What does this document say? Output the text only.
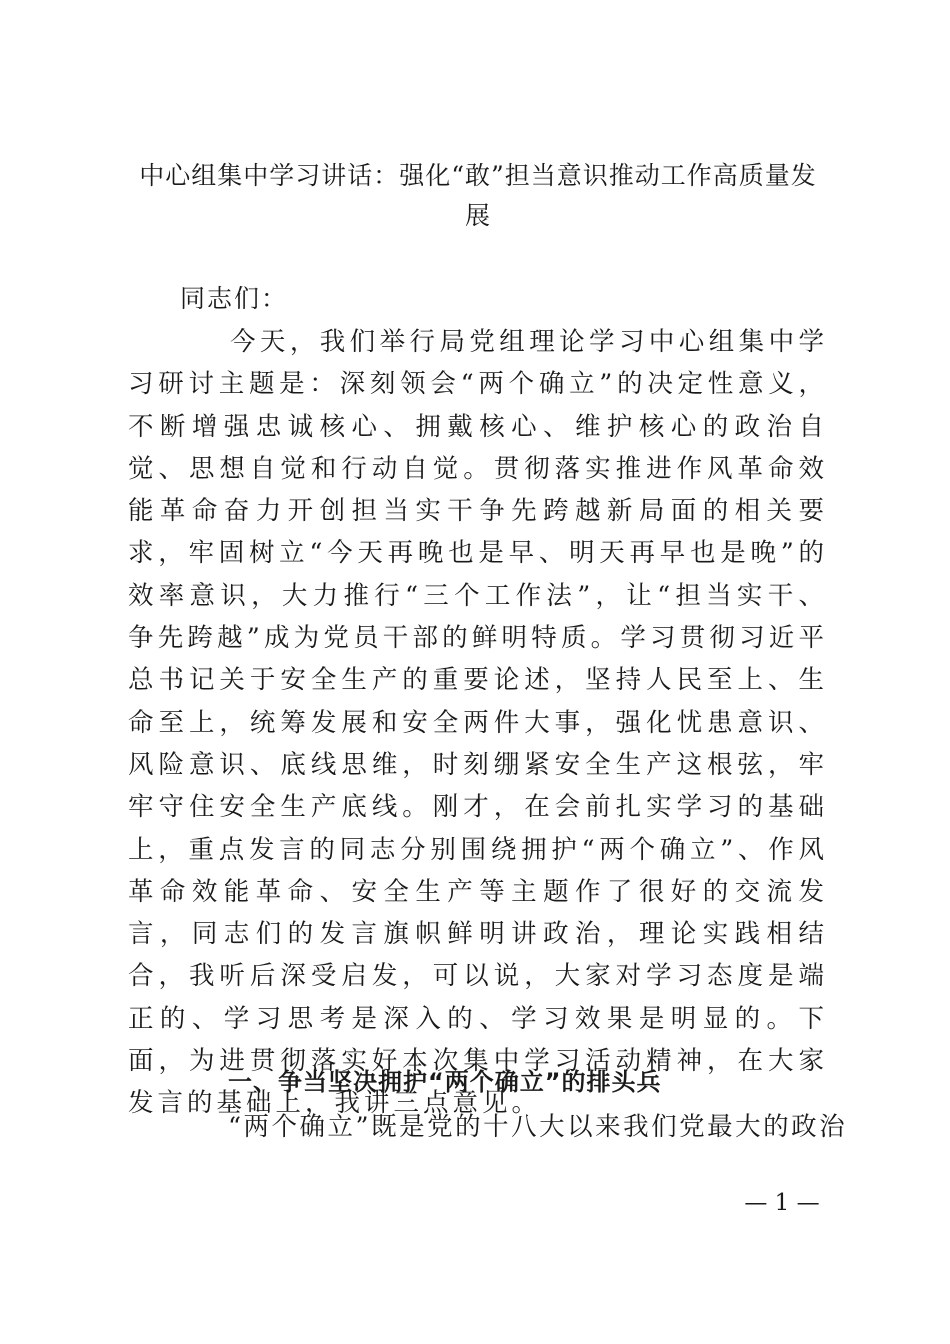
中心组集中学习讲话：强化“敢”担当意识推动工作高质量发展
同志们：
今天，我们举行局党组理论学习中心组集中学习研讨主题是：深刻领会“两个确立”的决定性意义，不断增强忠诚核心、拥戴核心、维护核心的政治自觉、思想自觉和行动自觉。贯彻落实推进作风革命效能革命奋力开创担当实干争先跨越新局面的相关要求，牢固树立“今天再晚也是早、明天再早也是晚”的效率意识，大力推行“三个工作法”，让“担当实干、争先跨越”成为党员干部的鲜明特质。学习贯彻习近平总书记关于安全生产的重要论述，坚持人民至上、生命至上，统筹发展和安全两件大事，强化忧患意识、风险意识、底线思维，时刻绷紧安全生产这根弦，牢牢守住安全生产底线。刚才，在会前扎实学习的基础上，重点发言的同志分别围绕拥护“两个确立”、作风革命效能革命、安全生产等主题作了很好的交流发言，同志们的发言旗帜鲜明讲政治，理论实践相结合，我听后深受启发，可以说，大家对学习态度是端正的、学习思考是深入的、学习效果是明显的。下面，为进贯彻落实好本次集中学习活动精神，在大家发言的基础上，我讲三点意见。
一、争当坚决拥护“两个确立”的排头兵
“两个确立”既是党的十八大以来我们党最大的政治
— 1 —
